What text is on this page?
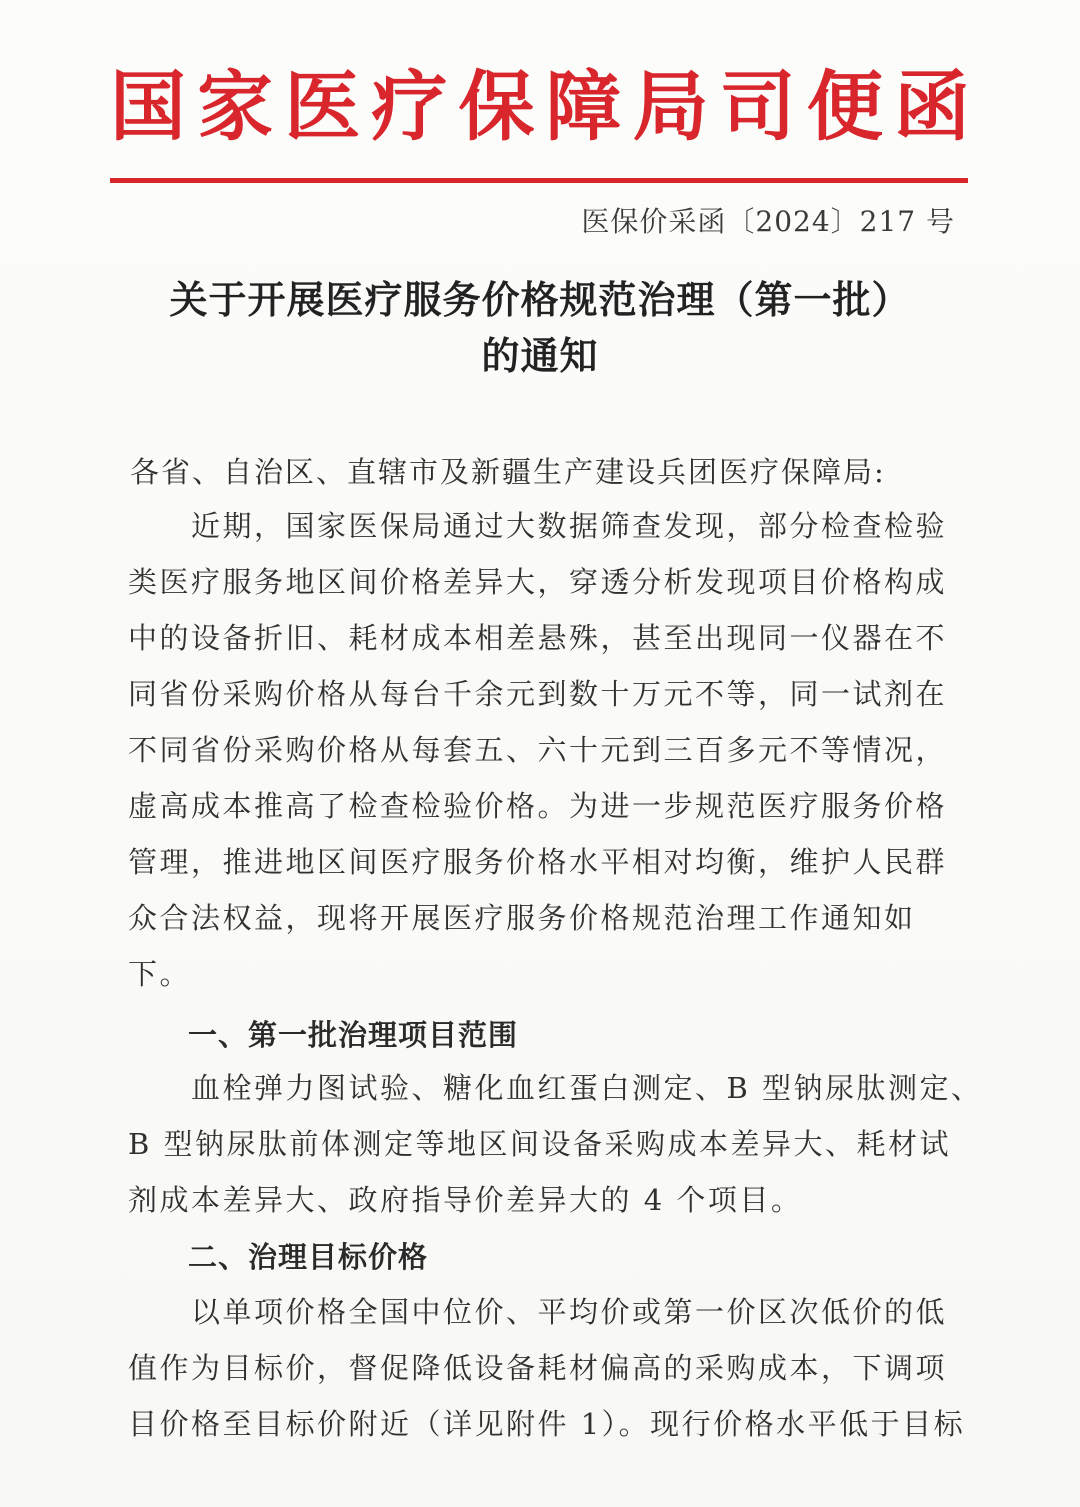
国 家 医 疗 保 障 局 司 便 函
医保价采函〔2024〕217 号
关于开展医疗服务价格规范治理（第一批）
的通知
各省、自治区、直辖市及新疆生产建设兵团医疗保障局:
　　近期，国家医保局通过大数据筛查发现，部分检查检验
类医疗服务地区间价格差异大，穿透分析发现项目价格构成
中的设备折旧、耗材成本相差悬殊，甚至出现同一仪器在不
同省份采购价格从每台千余元到数十万元不等，同一试剂在
不同省份采购价格从每套五、六十元到三百多元不等情况，
虚高成本推高了检查检验价格。为进一步规范医疗服务价格
管理，推进地区间医疗服务价格水平相对均衡，维护人民群
众合法权益，现将开展医疗服务价格规范治理工作通知如
下。
一、第一批治理项目范围
　　血栓弹力图试验、糖化血红蛋白测定、B 型钠尿肽测定、
B 型钠尿肽前体测定等地区间设备采购成本差异大、耗材试
剂成本差异大、政府指导价差异大的 4 个项目。
二、治理目标价格
　　以单项价格全国中位价、平均价或第一价区次低价的低
值作为目标价，督促降低设备耗材偏高的采购成本，下调项
目价格至目标价附近（详见附件 1）。现行价格水平低于目标
